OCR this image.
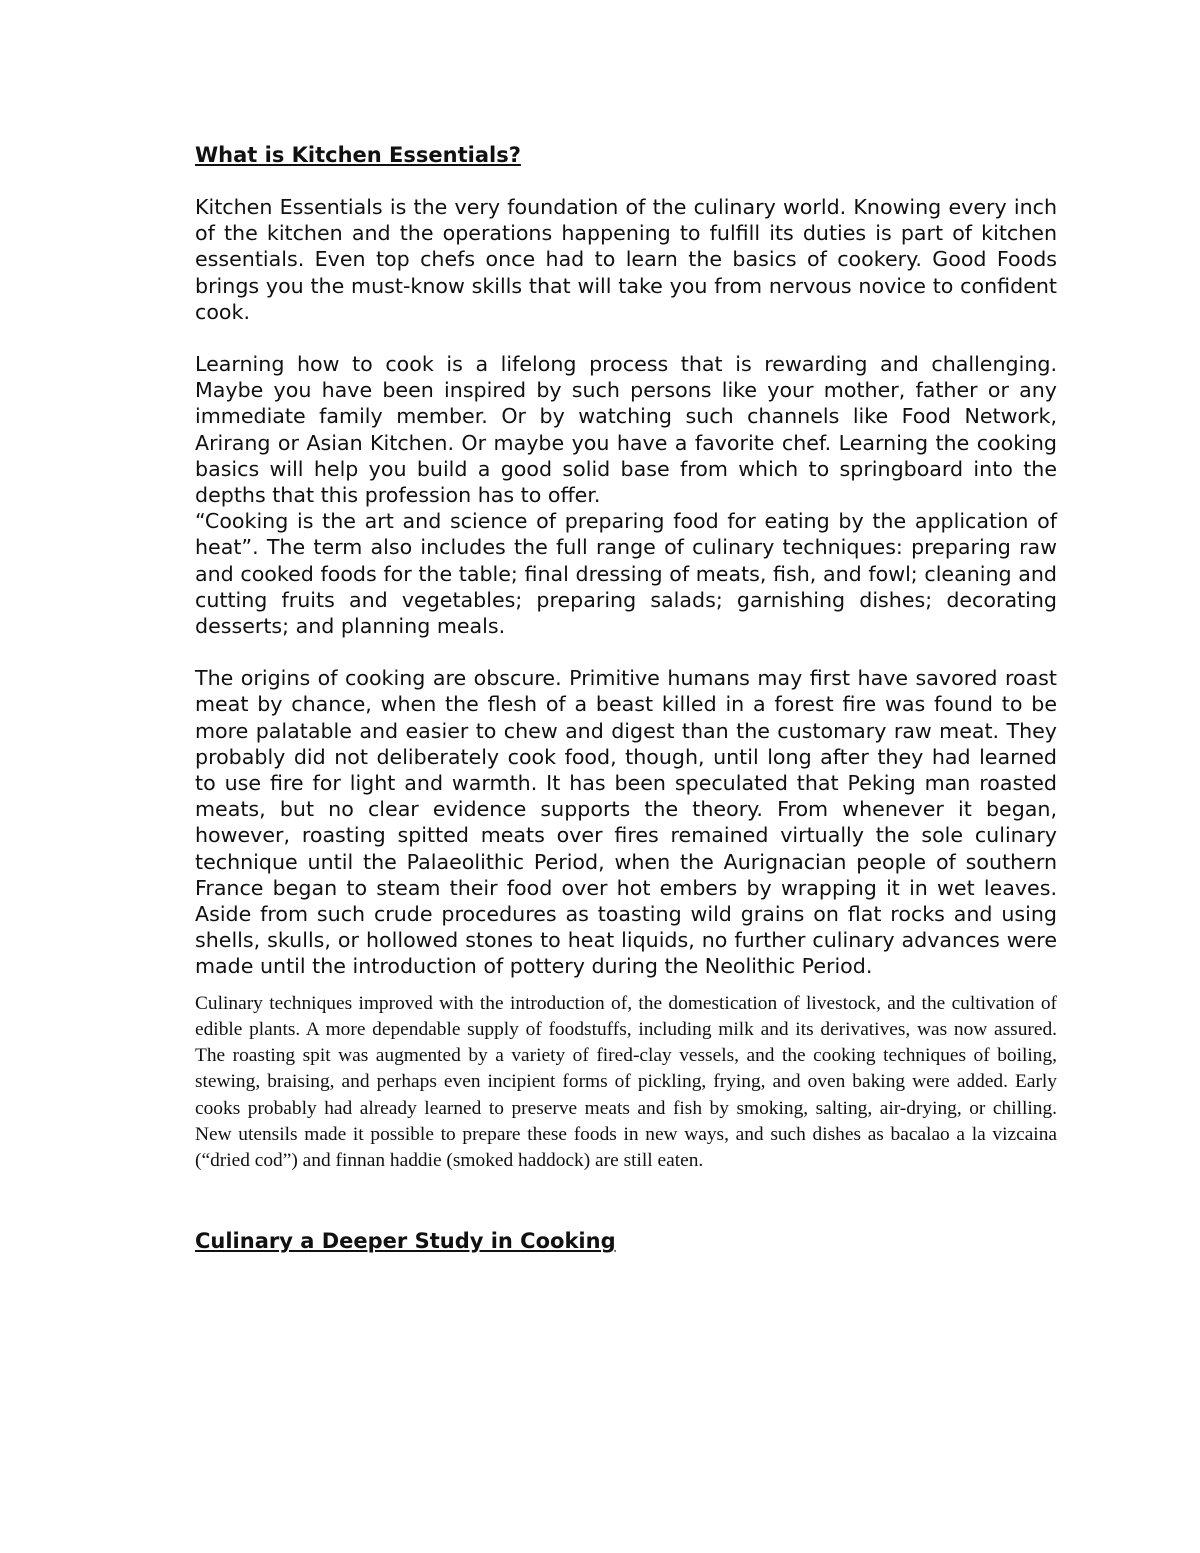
What is Kitchen Essentials?

Kitchen Essentials is the very foundation of the culinary world. Knowing every inch of the kitchen and the operations happening to fulfill its duties is part of kitchen essentials. Even top chefs once had to learn the basics of cookery. Good Foods brings you the must-know skills that will take you from nervous novice to confident cook.

Learning how to cook is a lifelong process that is rewarding and challenging. Maybe you have been inspired by such persons like your mother, father or any immediate family member. Or by watching such channels like Food Network, Arirang or Asian Kitchen. Or maybe you have a favorite chef. Learning the cooking basics will help you build a good solid base from which to springboard into the depths that this profession has to offer.

“Cooking is the art and science of preparing food for eating by the application of heat”. The term also includes the full range of culinary techniques: preparing raw and cooked foods for the table; final dressing of meats, fish, and fowl; cleaning and cutting fruits and vegetables; preparing salads; garnishing dishes; decorating desserts; and planning meals.

The origins of cooking are obscure. Primitive humans may first have savored roast meat by chance, when the flesh of a beast killed in a forest fire was found to be more palatable and easier to chew and digest than the customary raw meat. They probably did not deliberately cook food, though, until long after they had learned to use fire for light and warmth. It has been speculated that Peking man roasted meats, but no clear evidence supports the theory. From whenever it began, however, roasting spitted meats over fires remained virtually the sole culinary technique until the Palaeolithic Period, when the Aurignacian people of southern France began to steam their food over hot embers by wrapping it in wet leaves. Aside from such crude procedures as toasting wild grains on flat rocks and using shells, skulls, or hollowed stones to heat liquids, no further culinary advances were made until the introduction of pottery during the Neolithic Period.

Culinary techniques improved with the introduction of, the domestication of livestock, and the cultivation of edible plants. A more dependable supply of foodstuffs, including milk and its derivatives, was now assured. The roasting spit was augmented by a variety of fired-clay vessels, and the cooking techniques of boiling, stewing, braising, and perhaps even incipient forms of pickling, frying, and oven baking were added. Early cooks probably had already learned to preserve meats and fish by smoking, salting, air-drying, or chilling. New utensils made it possible to prepare these foods in new ways, and such dishes as bacalao a la vizcaina (“dried cod”) and finnan haddie (smoked haddock) are still eaten.

Culinary a Deeper Study in Cooking
